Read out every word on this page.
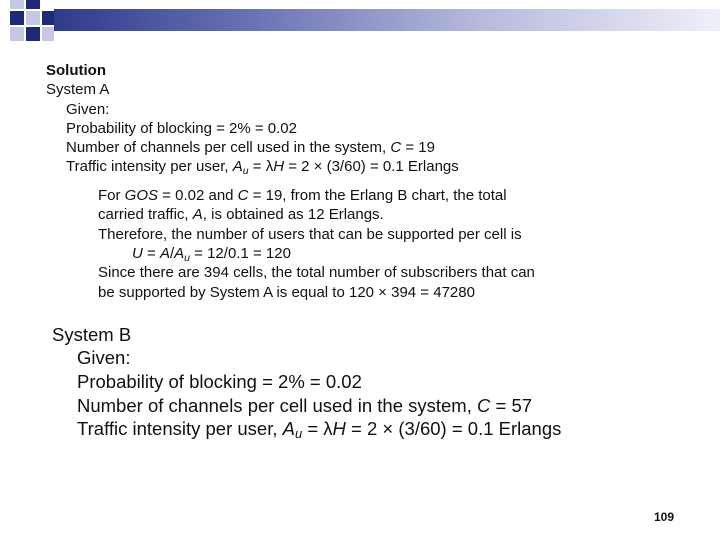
Solution
System A
Given:
Probability of blocking = 2% = 0.02
Number of channels per cell used in the system, C = 19
Traffic intensity per user, $A_u = \lambda H = 2 \times (3/60) = 0.1$ Erlangs
For GOS = 0.02 and C = 19, from the Erlang B chart, the total
carried traffic, A, is obtained as 12 Erlangs.
Therefore, the number of users that can be supported per cell is
$U = A/A_u = 12/0.1 = 120$
Since there are 394 cells, the total number of subscribers that can
be supported by System A is equal to 120 × 394 = 47280
System B
Given:
Probability of blocking = 2% = 0.02
Number of channels per cell used in the system, C = 57
Traffic intensity per user, $A_u = \lambda H = 2 \times (3/60) = 0.1$ Erlangs
109
